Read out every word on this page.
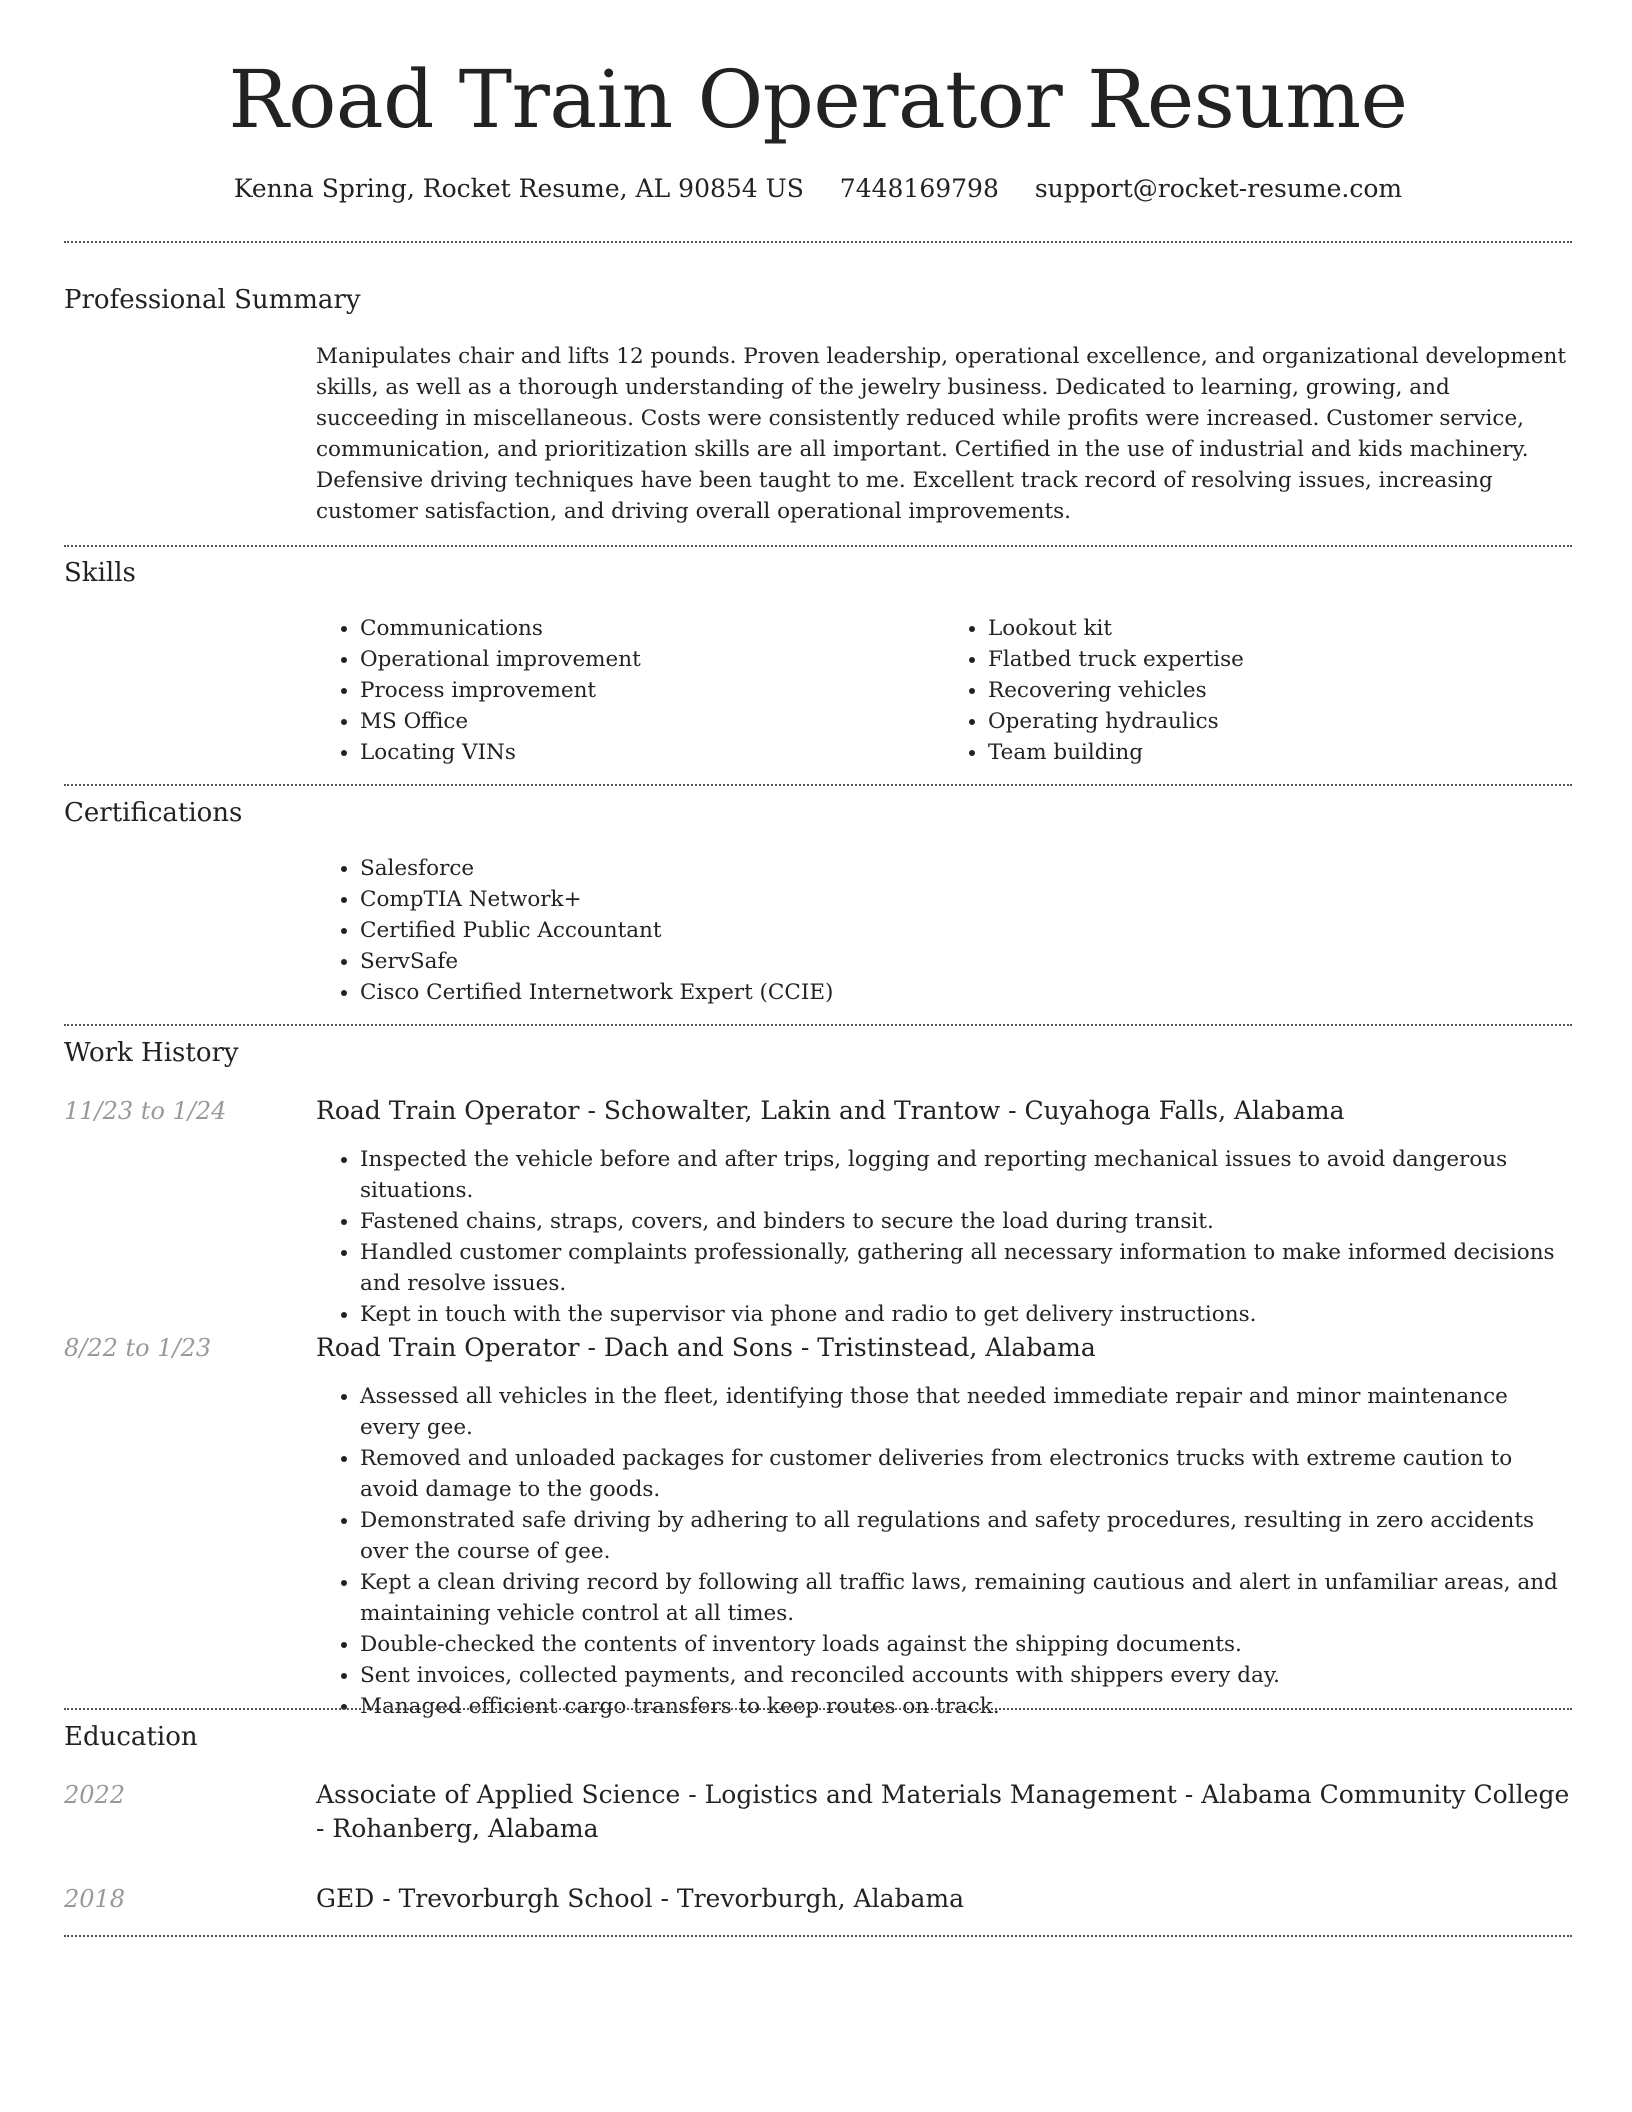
Road Train Operator Resume
Kenna Spring, Rocket Resume, AL 90854 US 7448169798 support@rocket-resume.com
Professional Summary

Manipulates chair and lifts 12 pounds. Proven leadership, operational excellence, and organizational development skills, as well as a thorough understanding of the jewelry business. Dedicated to learning, growing, and succeeding in miscellaneous. Costs were consistently reduced while profits were increased. Customer service, communication, and prioritization skills are all important. Certified in the use of industrial and kids machinery. Defensive driving techniques have been taught to me. Excellent track record of resolving issues, increasing customer satisfaction, and driving overall operational improvements.

Skills
• Communications
• Operational improvement
• Process improvement
• MS Office
• Locating VINs
• Lookout kit
• Flatbed truck expertise
• Recovering vehicles
• Operating hydraulics
• Team building
Certifications
• Salesforce
• CompTIA Network+
• Certified Public Accountant
• ServSafe
• Cisco Certified Internetwork Expert (CCIE)
Work History
11/23 to 1/24	Road Train Operator - Schowalter, Lakin and Trantow - Cuyahoga Falls, Alabama
• Inspected the vehicle before and after trips, logging and reporting mechanical issues to avoid dangerous situations.
• Fastened chains, straps, covers, and binders to secure the load during transit.
• Handled customer complaints professionally, gathering all necessary information to make informed decisions and resolve issues.
• Kept in touch with the supervisor via phone and radio to get delivery instructions.
8/22 to 1/23	Road Train Operator - Dach and Sons - Tristinstead, Alabama
• Assessed all vehicles in the fleet, identifying those that needed immediate repair and minor maintenance every gee.
• Removed and unloaded packages for customer deliveries from electronics trucks with extreme caution to avoid damage to the goods.
• Demonstrated safe driving by adhering to all regulations and safety procedures, resulting in zero accidents over the course of gee.
• Kept a clean driving record by following all traffic laws, remaining cautious and alert in unfamiliar areas, and maintaining vehicle control at all times.
• Double-checked the contents of inventory loads against the shipping documents.
• Sent invoices, collected payments, and reconciled accounts with shippers every day.
• Managed efficient cargo transfers to keep routes on track.
Education
2022	Associate of Applied Science - Logistics and Materials Management - Alabama Community College - Rohanberg, Alabama
2018	GED - Trevorburgh School - Trevorburgh, Alabama
